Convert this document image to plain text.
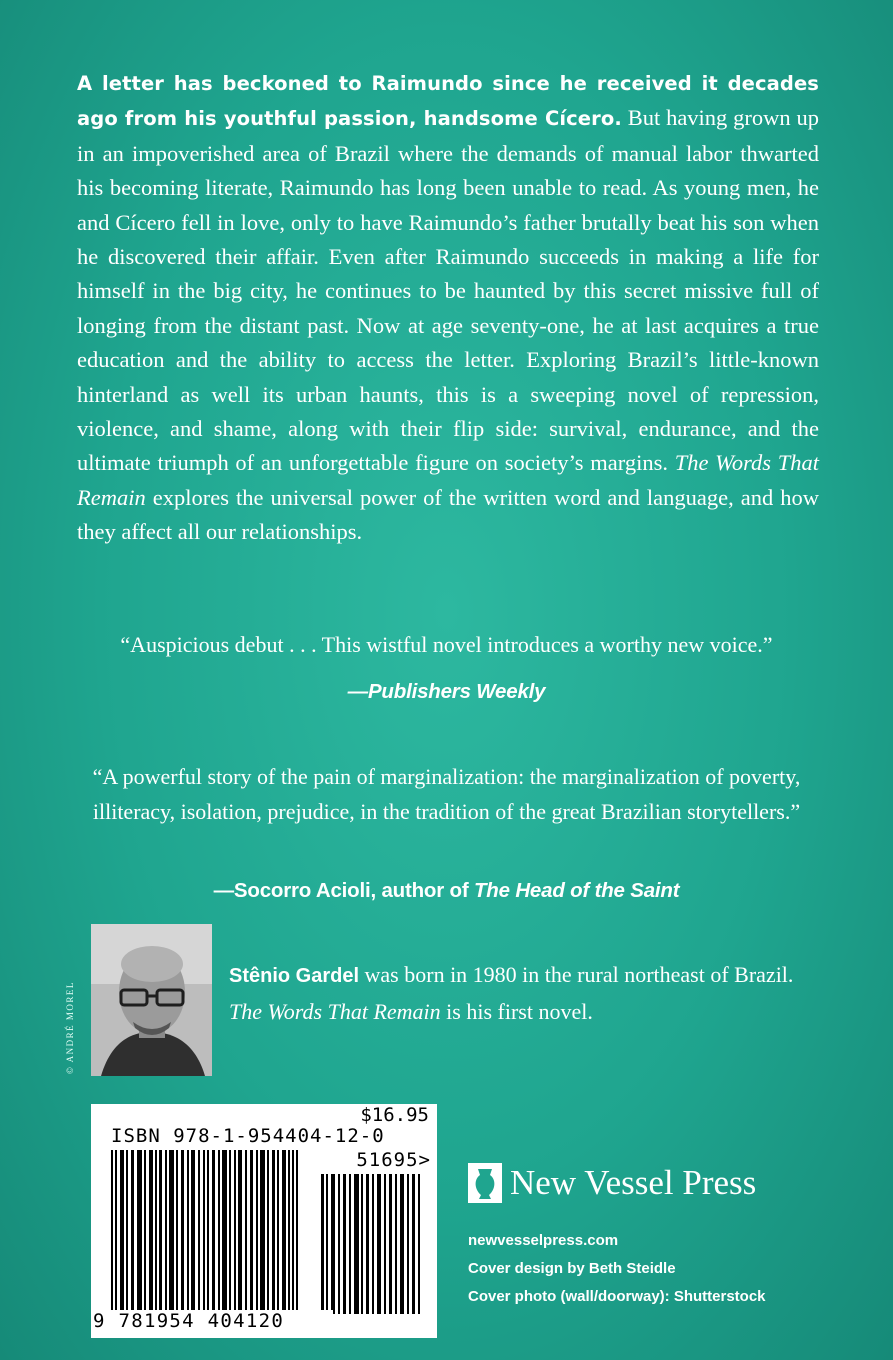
A letter has beckoned to Raimundo since he received it decades ago from his youthful passion, handsome Cícero. But having grown up in an impoverished area of Brazil where the demands of manual labor thwarted his becoming literate, Raimundo has long been unable to read. As young men, he and Cícero fell in love, only to have Raimundo’s father brutally beat his son when he discovered their affair. Even after Raimundo succeeds in making a life for himself in the big city, he continues to be haunted by this secret missive full of longing from the distant past. Now at age seventy-one, he at last acquires a true education and the ability to access the letter. Exploring Brazil’s little-known hinterland as well its urban haunts, this is a sweeping novel of repression, violence, and shame, along with their flip side: survival, endurance, and the ultimate triumph of an unforgettable figure on society’s margins. The Words That Remain explores the universal power of the written word and language, and how they affect all our relationships.

“Auspicious debut . . . This wistful novel introduces a worthy new voice.”

—Publishers Weekly

“A powerful story of the pain of marginalization: the marginalization of poverty, illiteracy, isolation, prejudice, in the tradition of the great Brazilian storytellers.”

—Socorro Acioli, author of The Head of the Saint
© ANDRÉ MOREL

Stênio Gardel was born in 1980 in the rural northeast of Brazil.
The Words That Remain is his first novel.

$16.95
ISBN 978-1-954404-12-0
51695>
9 781954 404120
New Vessel Press
newvesselpress.com
Cover design by Beth Steidle
Cover photo (wall/doorway): Shutterstock
